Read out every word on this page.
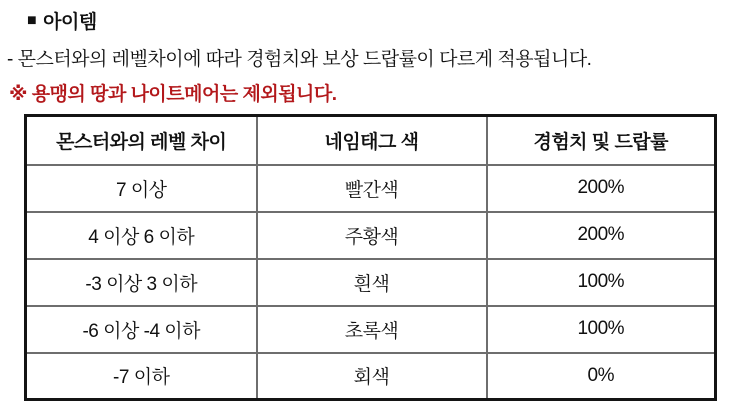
■ 아이템
- 몬스터와의 레벨차이에 따라 경험치와 보상 드랍률이 다르게 적용됩니다.
※ 용맹의 땅과 나이트메어는 제외됩니다.
몬스터와의 레벨 차이	네임태그 색	경험치 및 드랍률
7 이상	빨간색	200%
4 이상 6 이하	주황색	200%
-3 이상 3 이하	흰색	100%
-6 이상 -4 이하	초록색	100%
-7 이하	회색	0%
